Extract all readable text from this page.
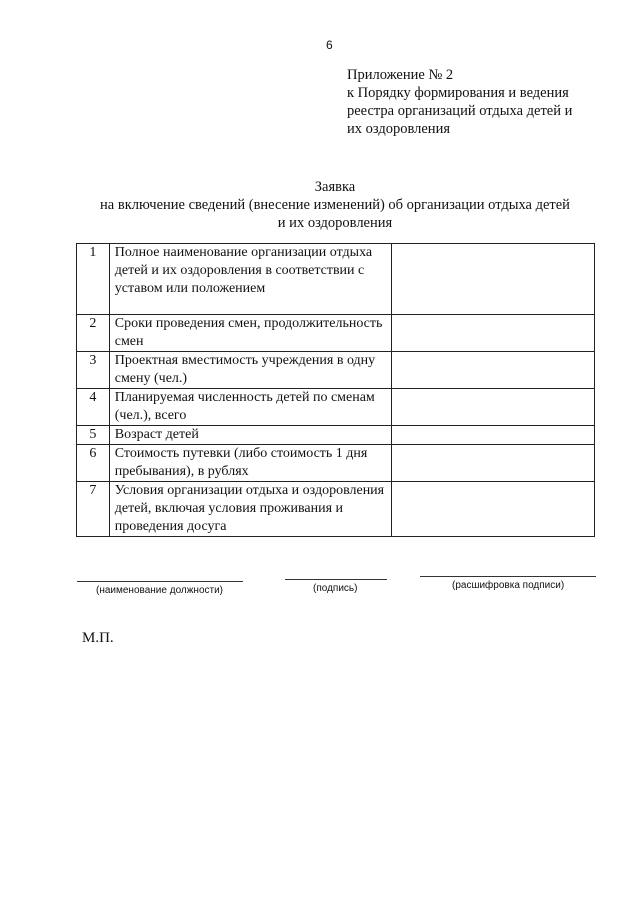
6
Приложение № 2
к Порядку формирования и ведения
реестра организаций отдыха детей и
их оздоровления
Заявка
на включение сведений (внесение изменений) об организации отдыха детей
и их оздоровления
1	Полное наименование организации отдыха детей и их оздоровления в соответствии с уставом или положением	
2	Сроки проведения смен, продолжительность смен	
3	Проектная вместимость учреждения в одну смену (чел.)	
4	Планируемая численность детей по сменам (чел.), всего	
5	Возраст детей	
6	Стоимость путевки (либо стоимость 1 дня пребывания), в рублях	
7	Условия организации отдыха и оздоровления детей, включая условия проживания и проведения досуга	
(наименование должности)	(подпись)	(расшифровка подписи)
М.П.
